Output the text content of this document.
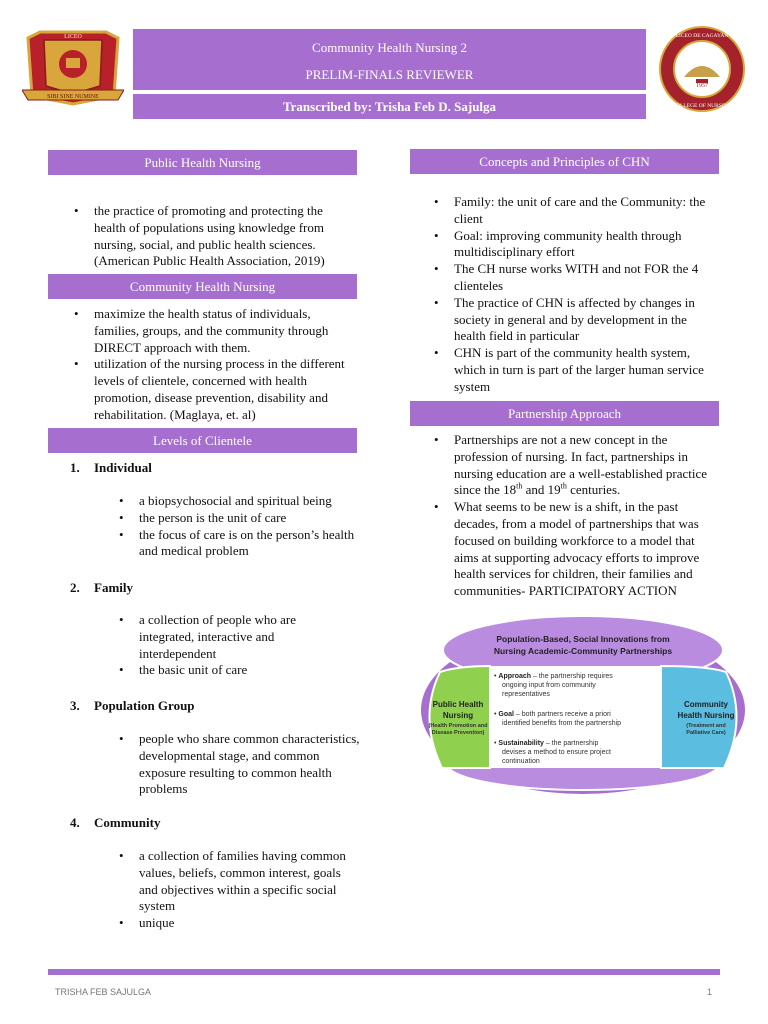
SIBI SINE NUMINE
LICEO
Community Health Nursing 2
PRELIM-FINALS REVIEWER
Transcribed by: Trisha Feb D. Sajulga
1957
LICEO DE CAGAYAN
COLLEGE OF NURSING
Public Health Nursing
• the practice of promoting and protecting the health of populations using knowledge from nursing, social, and public health sciences. (American Public Health Association, 2019)
Community Health Nursing
• maximize the health status of individuals, families, groups, and the community through DIRECT approach with them.
• utilization of the nursing process in the different levels of clientele, concerned with health promotion, disease prevention, disability and rehabilitation. (Maglaya, et. al)
Levels of Clientele
1. Individual
• a biopsychosocial and spiritual being
• the person is the unit of care
• the focus of care is on the person’s health and medical problem
2. Family
• a collection of people who are integrated, interactive and interdependent
• the basic unit of care
3. Population Group
• people who share common characteristics, developmental stage, and common exposure resulting to common health problems
4. Community
• a collection of families having common values, beliefs, common interest, goals and objectives within a specific social system
• unique
Concepts and Principles of CHN
• Family: the unit of care and the Community: the client
• Goal: improving community health through multidisciplinary effort
• The CH nurse works WITH and not FOR the 4 clienteles
• The practice of CHN is affected by changes in society in general and by development in the health field in particular
• CHN is part of the community health system, which in turn is part of the larger human service system
Partnership Approach
• Partnerships are not a new concept in the profession of nursing. In fact, partnerships in nursing education are a well-established practice since the 18th and 19th centuries.
• What seems to be new is a shift, in the past decades, from a model of partnerships that was focused on building workforce to a model that aims at supporting advocacy efforts to improve health services for children, their families and communities- PARTICIPATORY ACTION
Population-Based, Social Innovations from
Nursing Academic-Community Partnerships
Public Health
Nursing
(Health Promotion and
Disease Prevention)
Community
Health Nursing
(Treatment and
Palliative Care)
• Approach – the partnership requires
ongoing input from community
representatives
• Goal – both partners receive a priori
identified benefits from the partnership
• Sustainability – the partnership
devises a method to ensure project
continuation
TRISHA FEB SAJULGA	1
